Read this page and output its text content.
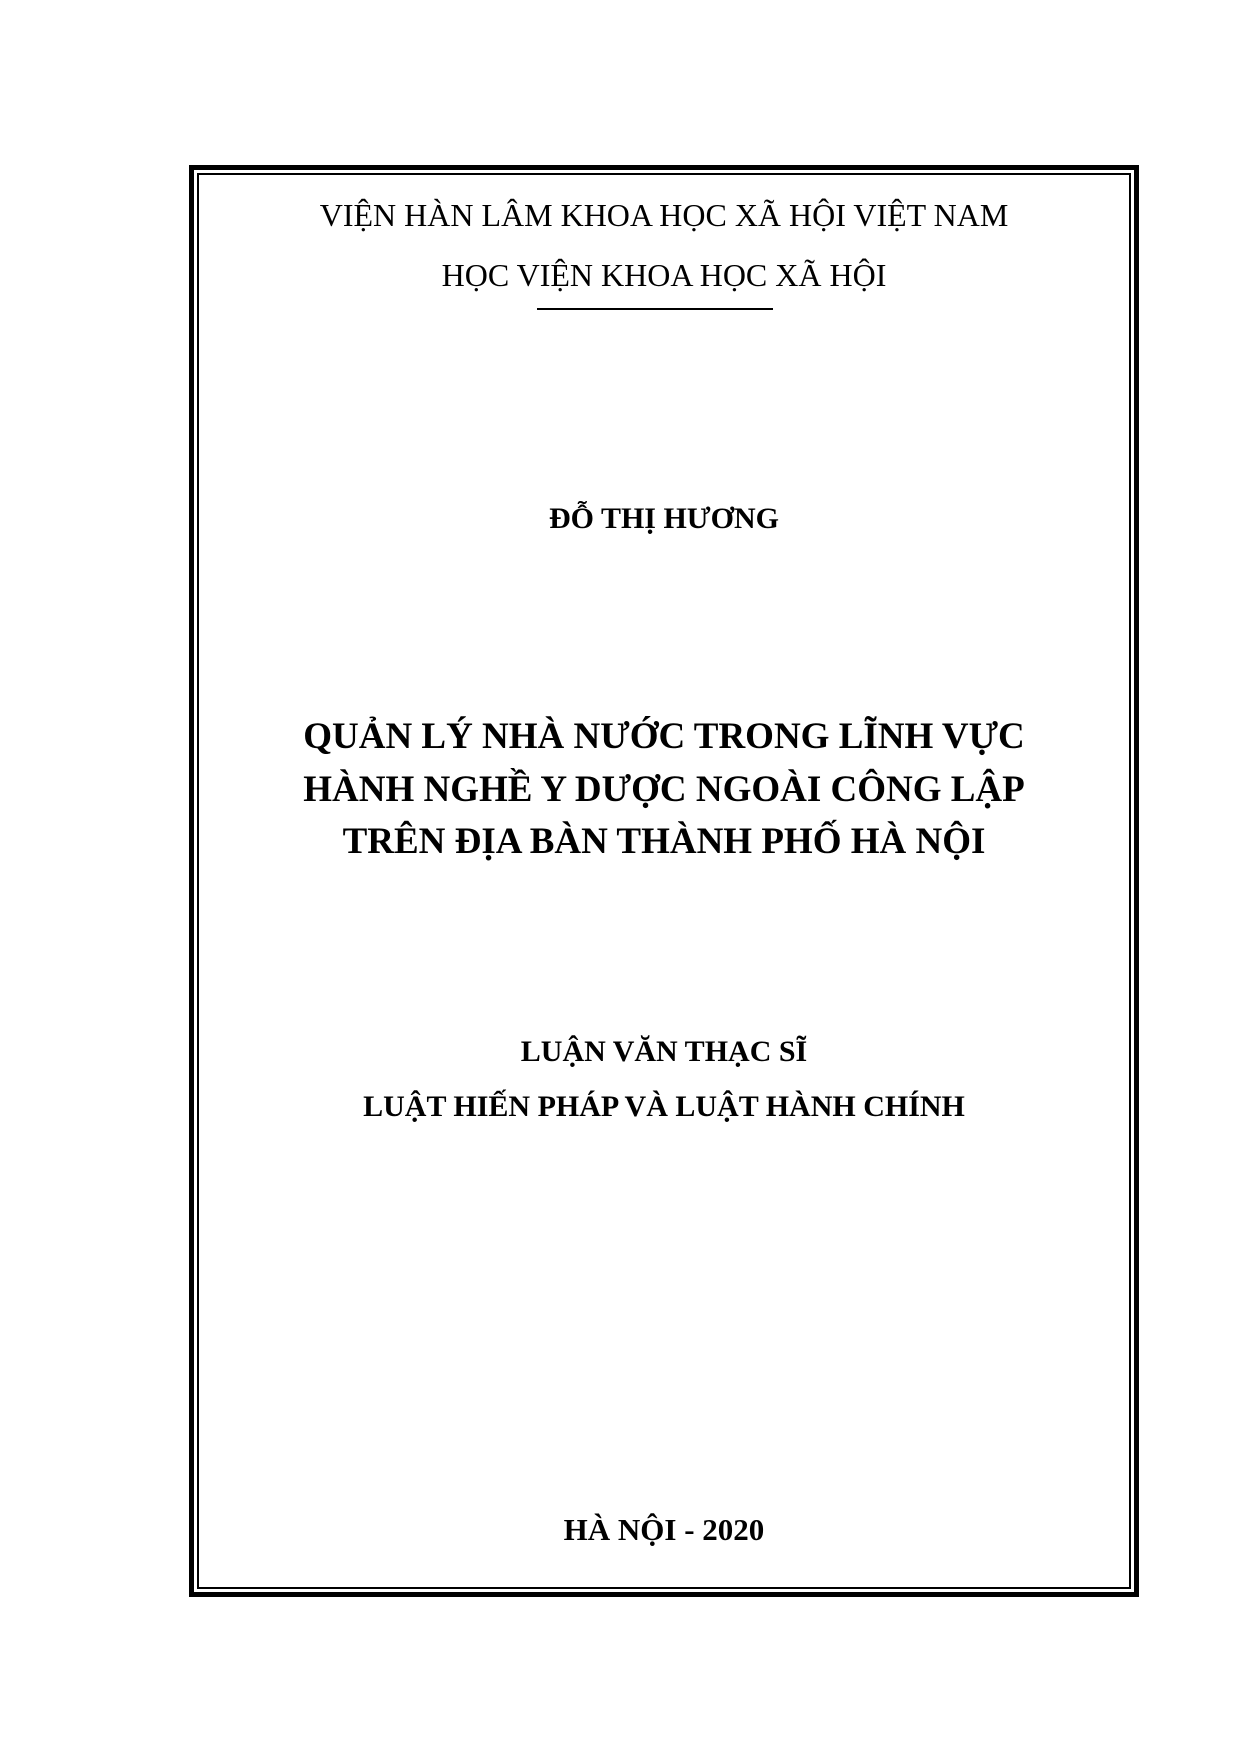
VIỆN HÀN LÂM KHOA HỌC XÃ HỘI VIỆT NAM
HỌC VIỆN KHOA HỌC XÃ HỘI
ĐỖ THỊ HƯƠNG
QUẢN LÝ NHÀ NƯỚC TRONG LĨNH VỰC
HÀNH NGHỀ Y DƯỢC NGOÀI CÔNG LẬP
TRÊN ĐỊA BÀN THÀNH PHỐ HÀ NỘI
LUẬN VĂN THẠC SĨ
LUẬT HIẾN PHÁP VÀ LUẬT HÀNH CHÍNH
HÀ NỘI - 2020
